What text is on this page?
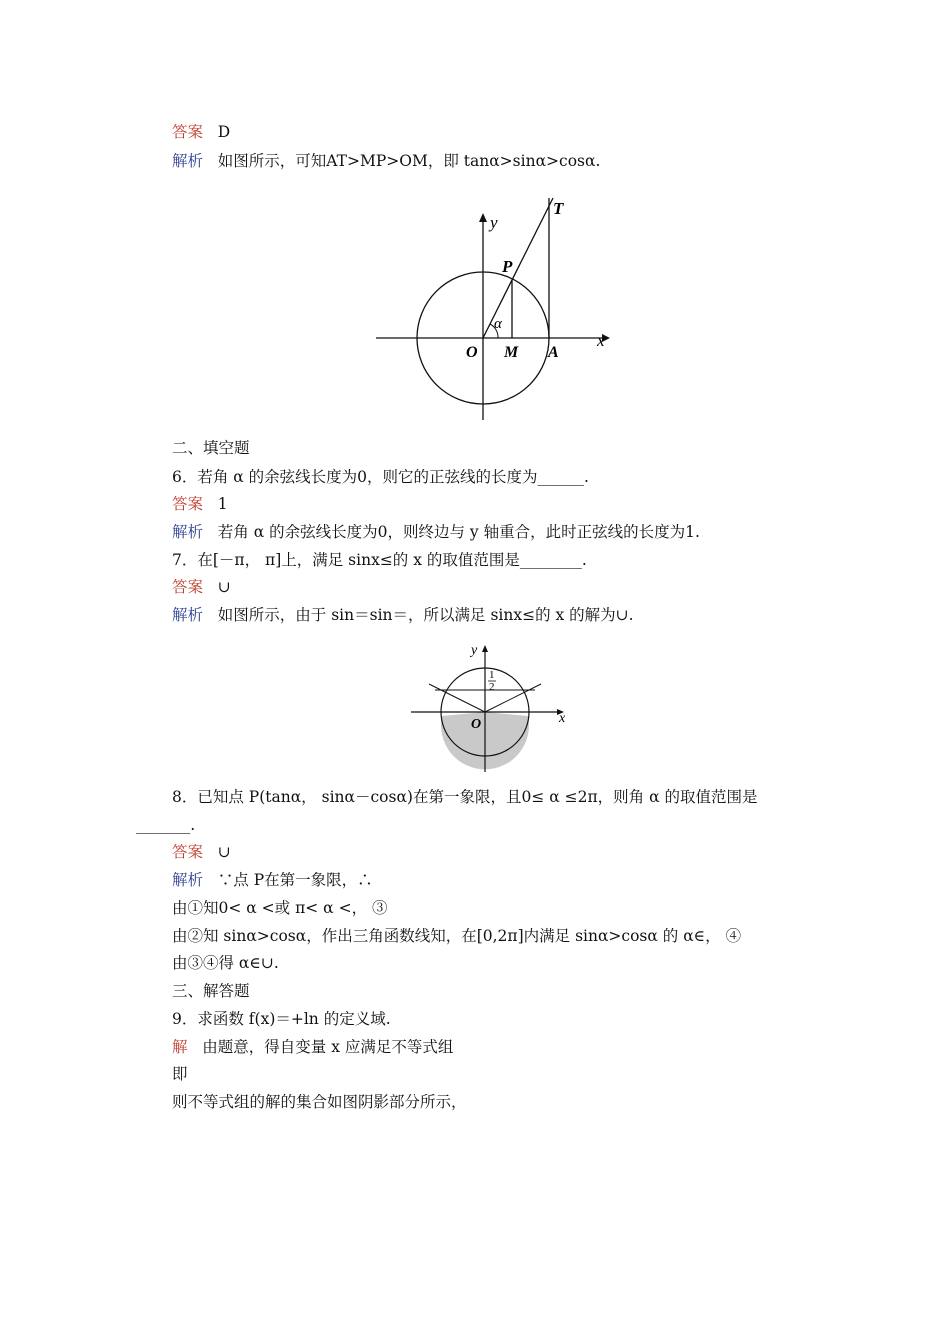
答案 D
解析 如图所示，可知AT>MP>OM，即 tanα>sinα>cosα.
y
T
P
α
O M A
x
二、填空题
6．若角 α 的余弦线长度为0，则它的正弦线的长度为______.
答案 1
解析 若角 α 的余弦线长度为0，则终边与 y 轴重合，此时正弦线的长度为1.
7．在[－π， π]上，满足 sinx≤的 x 的取值范围是________.
答案 ∪
解析 如图所示，由于 sin＝sin＝，所以满足 sinx≤的 x 的解为∪.
1
2
y
O	x
8．已知点 P(tanα， sinα－cosα)在第一象限，且0≤ α ≤2π，则角 α 的取值范围是
_______.
答案 ∪
解析 ∵点 P在第一象限，∴
由①知0< α <或 π< α <， ③
由②知 sinα>cosα，作出三角函数线知，在[0,2π]内满足 sinα>cosα 的 α∈， ④
由③④得 α∈∪.
三、解答题
9．求函数 f(x)＝+ln 的定义域.
解 由题意，得自变量 x 应满足不等式组
即
则不等式组的解的集合如图阴影部分所示，
